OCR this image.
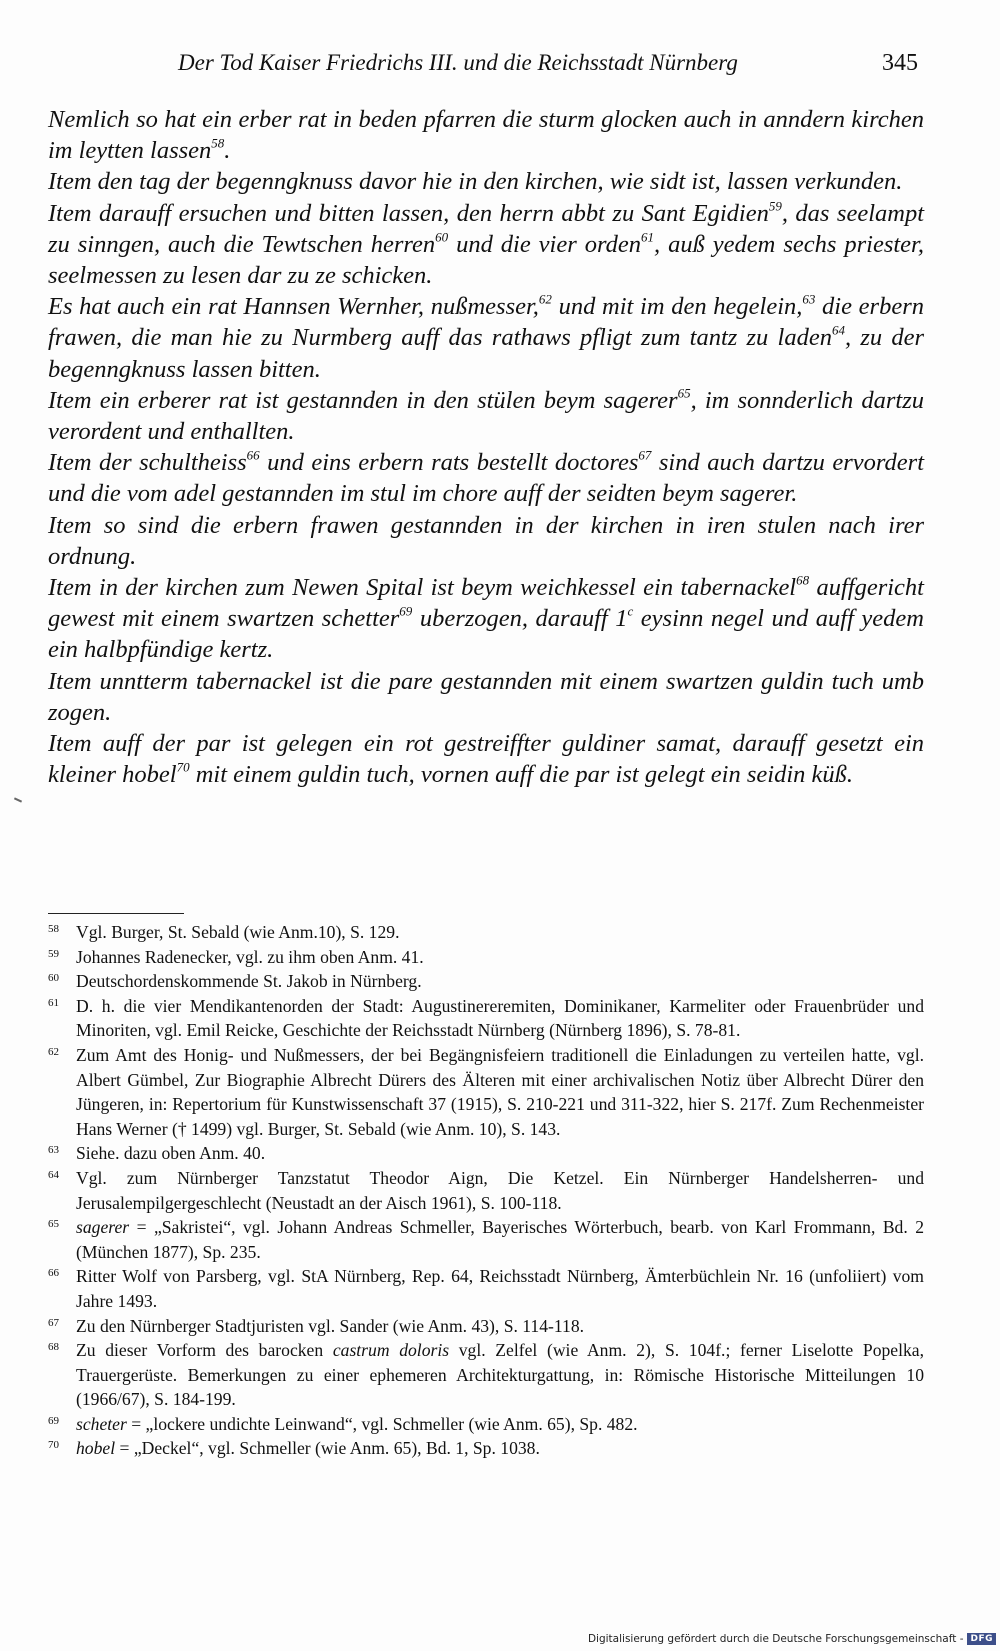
Der Tod Kaiser Friedrichs III. und die Reichsstadt Nürnberg	345

Nemlich so hat ein erber rat in beden pfarren die sturm glocken auch in anndern kirchen im leytten lassen$^{58}$.

Item den tag der begenngknuss davor hie in den kirchen, wie sidt ist, lassen verkunden.

Item darauff ersuchen und bitten lassen, den herrn abbt zu Sant Egidien$^{59}$, das seelampt zu sinngen, auch die Tewtschen herren$^{60}$ und die vier orden$^{61}$, auß yedem sechs priester, seelmessen zu lesen dar zu ze schicken.

Es hat auch ein rat Hannsen Wernher, nußmesser,$^{62}$ und mit im den hegelein,$^{63}$ die erbern frawen, die man hie zu Nurmberg auff das rathaws pfligt zum tantz zu laden$^{64}$, zu der begenngknuss lassen bitten.

Item ein erberer rat ist gestannden in den stülen beym sagerer$^{65}$, im sonnderlich dartzu verordent und enthallten.

Item der schultheiss$^{66}$ und eins erbern rats bestellt doctores$^{67}$ sind auch dartzu ervordert und die vom adel gestannden im stul im chore auff der seidten beym sagerer.

Item so sind die erbern frawen gestannden in der kirchen in iren stulen nach irer ordnung.

Item in der kirchen zum Newen Spital ist beym weichkessel ein tabernackel$^{68}$ auffgericht gewest mit einem swartzen schetter$^{69}$ uberzogen, darauff 1$^c$ eysinn negel und auff yedem ein halbpfündige kertz.

Item unntterm tabernackel ist die pare gestannden mit einem swartzen guldin tuch umb zogen.

Item auff der par ist gelegen ein rot gestreiffter guldiner samat, darauff gesetzt ein kleiner hobel$^{70}$ mit einem guldin tuch, vornen auff die par ist gelegt ein seidin küß.

58 Vgl. Burger, St. Sebald (wie Anm.10), S. 129.

59 Johannes Radenecker, vgl. zu ihm oben Anm. 41.

60 Deutschordenskommende St. Jakob in Nürnberg.

61 D. h. die vier Mendikantenorden der Stadt: Augustinereremiten, Dominikaner, Karmeliter oder Frauenbrüder und Minoriten, vgl. Emil Reicke, Geschichte der Reichsstadt Nürnberg (Nürnberg 1896), S. 78-81.

62 Zum Amt des Honig- und Nußmessers, der bei Begängnisfeiern traditionell die Einladungen zu verteilen hatte, vgl. Albert Gümbel, Zur Biographie Albrecht Dürers des Älteren mit einer archivalischen Notiz über Albrecht Dürer den Jüngeren, in: Repertorium für Kunstwissenschaft 37 (1915), S. 210-221 und 311-322, hier S. 217f. Zum Rechenmeister Hans Werner († 1499) vgl. Burger, St. Sebald (wie Anm. 10), S. 143.

63 Siehe. dazu oben Anm. 40.

64 Vgl. zum Nürnberger Tanzstatut Theodor Aign, Die Ketzel. Ein Nürnberger Handelsherren- und Jerusalempilgergeschlecht (Neustadt an der Aisch 1961), S. 100-118.

65 sagerer = „Sakristei“, vgl. Johann Andreas Schmeller, Bayerisches Wörterbuch, bearb. von Karl Frommann, Bd. 2 (München 1877), Sp. 235.

66 Ritter Wolf von Parsberg, vgl. StA Nürnberg, Rep. 64, Reichsstadt Nürnberg, Ämterbüchlein Nr. 16 (unfoliiert) vom Jahre 1493.

67 Zu den Nürnberger Stadtjuristen vgl. Sander (wie Anm. 43), S. 114-118.

68 Zu dieser Vorform des barocken castrum doloris vgl. Zelfel (wie Anm. 2), S. 104f.; ferner Liselotte Popelka, Trauergerüste. Bemerkungen zu einer ephemeren Architekturgattung, in: Römische Historische Mitteilungen 10 (1966/67), S. 184-199.

69 scheter = „lockere undichte Leinwand“, vgl. Schmeller (wie Anm. 65), Sp. 482.

70 hobel = „Deckel“, vgl. Schmeller (wie Anm. 65), Bd. 1, Sp. 1038.

Digitalisierung gefördert durch die Deutsche Forschungsgemeinschaft - DFG
